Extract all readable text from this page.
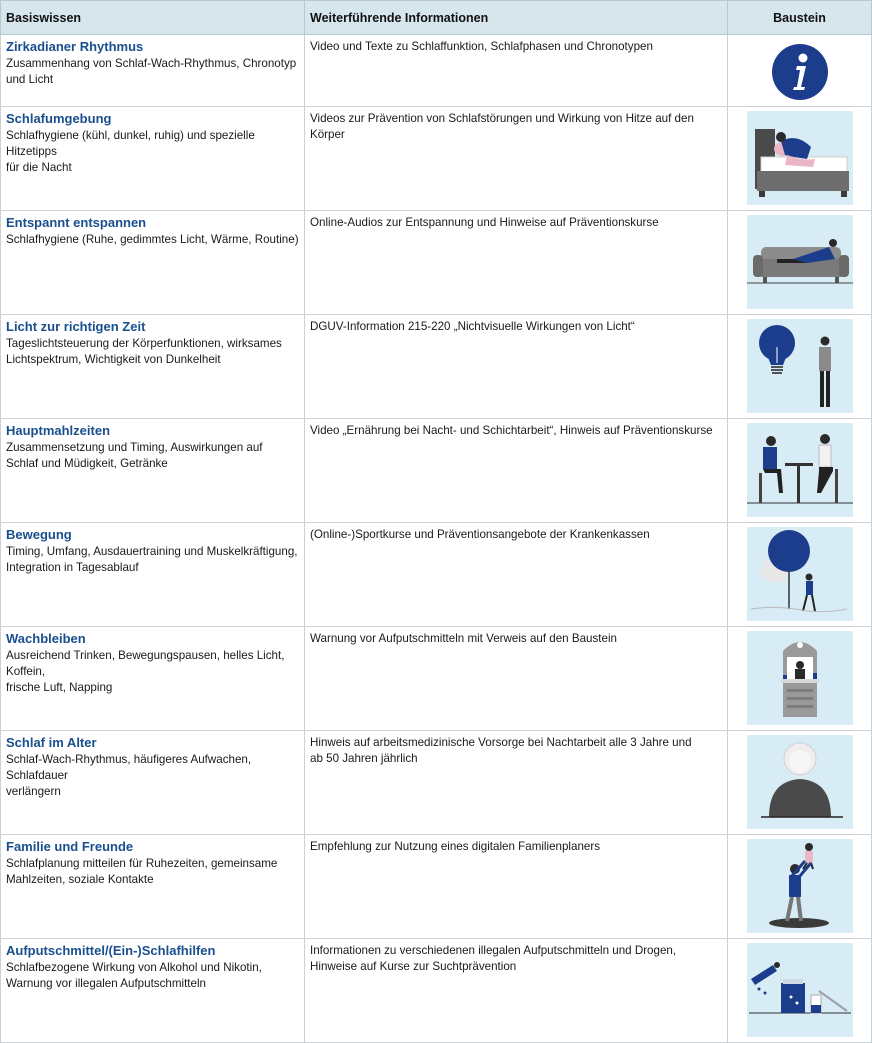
Basiswissen	Weiterführende Informationen	Baustein

Zirkadianer Rhythmus
Zusammenhang von Schlaf-Wach-Rhythmus, Chronotyp
und Licht	Video und Texte zu Schlaffunktion, Schlafphasen und Chronotypen

Schlafumgebung
Schlafhygiene (kühl, dunkel, ruhig) und spezielle Hitzetipps
für die Nacht	Videos zur Prävention von Schlafstörungen und Wirkung von Hitze auf den Körper

Entspannt entspannen
Schlafhygiene (Ruhe, gedimmtes Licht, Wärme, Routine)	Online-Audios zur Entspannung und Hinweise auf Präventionskurse

Licht zur richtigen Zeit
Tageslichtsteuerung der Körperfunktionen, wirksames
Lichtspektrum, Wichtigkeit von Dunkelheit	DGUV-Information 215-220 „Nichtvisuelle Wirkungen von Licht“

Hauptmahlzeiten
Zusammensetzung und Timing, Auswirkungen auf
Schlaf und Müdigkeit, Getränke	Video „Ernährung bei Nacht- und Schichtarbeit“, Hinweis auf Präventionskurse

Bewegung
Timing, Umfang, Ausdauertraining und Muskelkräftigung,
Integration in Tagesablauf	(Online-)Sportkurse und Präventionsangebote der Krankenkassen

Wachbleiben
Ausreichend Trinken, Bewegungspausen, helles Licht, Koffein,
frische Luft, Napping	Warnung vor Aufputschmitteln mit Verweis auf den Baustein

Schlaf im Alter
Schlaf-Wach-Rhythmus, häufigeres Aufwachen, Schlafdauer
verlängern	Hinweis auf arbeitsmedizinische Vorsorge bei Nachtarbeit alle 3 Jahre und
ab 50 Jahren jährlich

Familie und Freunde
Schlafplanung mitteilen für Ruhezeiten, gemeinsame
Mahlzeiten, soziale Kontakte	Empfehlung zur Nutzung eines digitalen Familienplaners

Aufputschmittel/(Ein-)Schlafhilfen
Schlafbezogene Wirkung von Alkohol und Nikotin,
Warnung vor illegalen Aufputschmitteln	Informationen zu verschiedenen illegalen Aufputschmitteln und Drogen,
Hinweise auf Kurse zur Suchtprävention
